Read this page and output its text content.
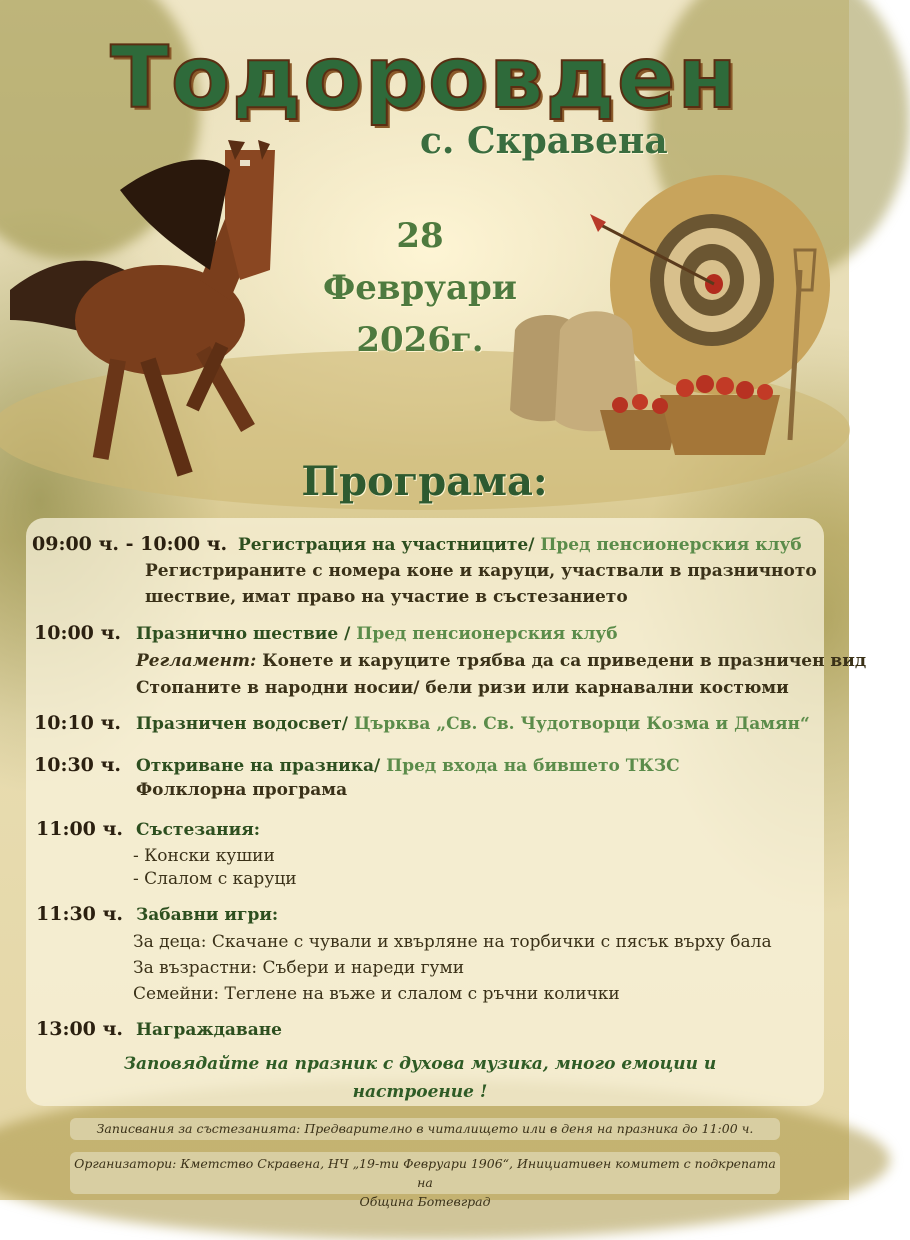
Тодоровден
с. Скравена
28 Февруари
2026г.
Програма:
09:00 ч. - 10:00 ч. Регистрация на участниците/ Пред пенсионерския клуб
Регистрираните с номера коне и каруци, участвали в празничното
шествие, имат право на участие в състезанието
10:00 ч. Празнично шествие / Пред пенсионерския клуб
Регламент: Конете и каруците трябва да са приведени в празничен вид
Стопаните в народни носии/ бели ризи или карнавални костюми
10:10 ч. Празничен водосвет/ Църква „Св. Св. Чудотворци Козма и Дамян“
10:30 ч. Откриване на празника/ Пред входа на бившето ТКЗС
Фолклорна програма
11:00 ч. Състезания:
- Конски кушии
- Слалом с каруци
11:30 ч. Забавни игри:
За деца: Скачане с чували и хвърляне на торбички с пясък върху бала
За възрастни: Събери и нареди гуми
Семейни: Теглене на въже и слалом с ръчни колички
13:00 ч. Награждаване
Заповядайте на празник с духова музика, много емоции и
настроение !
Записвания за състезанията: Предварително в читалището или в деня на празника до 11:00 ч.
Организатори: Кметство Скравена, НЧ „19-ти Февруари 1906“, Инициативен комитет с подкрепата на
Община Ботевград
